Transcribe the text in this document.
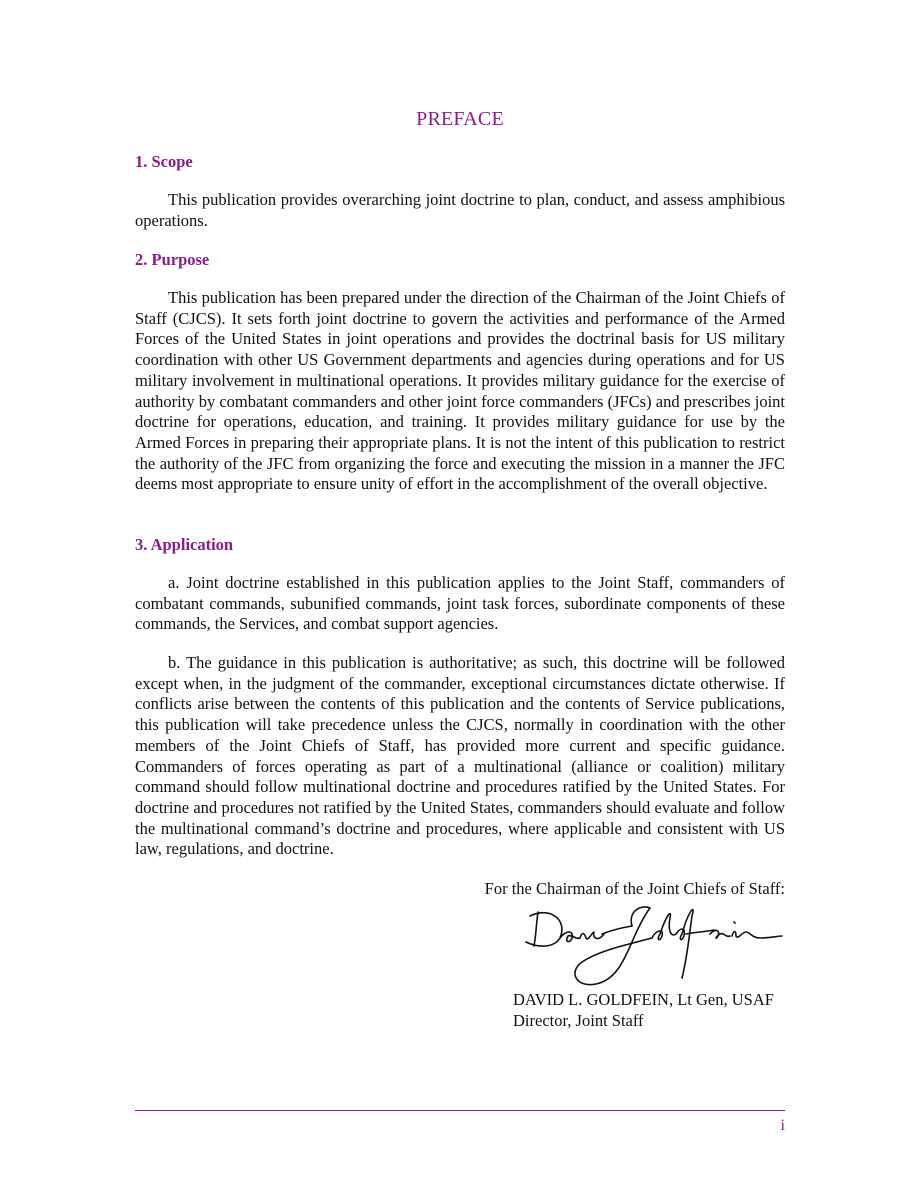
PREFACE
1. Scope
This publication provides overarching joint doctrine to plan, conduct, and assess amphibious operations.
2. Purpose
This publication has been prepared under the direction of the Chairman of the Joint Chiefs of Staff (CJCS). It sets forth joint doctrine to govern the activities and performance of the Armed Forces of the United States in joint operations and provides the doctrinal basis for US military coordination with other US Government departments and agencies during operations and for US military involvement in multinational operations. It provides military guidance for the exercise of authority by combatant commanders and other joint force commanders (JFCs) and prescribes joint doctrine for operations, education, and training. It provides military guidance for use by the Armed Forces in preparing their appropriate plans. It is not the intent of this publication to restrict the authority of the JFC from organizing the force and executing the mission in a manner the JFC deems most appropriate to ensure unity of effort in the accomplishment of the overall objective.
3. Application
a. Joint doctrine established in this publication applies to the Joint Staff, commanders of combatant commands, subunified commands, joint task forces, subordinate components of these commands, the Services, and combat support agencies.
b. The guidance in this publication is authoritative; as such, this doctrine will be followed except when, in the judgment of the commander, exceptional circumstances dictate otherwise. If conflicts arise between the contents of this publication and the contents of Service publications, this publication will take precedence unless the CJCS, normally in coordination with the other members of the Joint Chiefs of Staff, has provided more current and specific guidance. Commanders of forces operating as part of a multinational (alliance or coalition) military command should follow multinational doctrine and procedures ratified by the United States. For doctrine and procedures not ratified by the United States, commanders should evaluate and follow the multinational command’s doctrine and procedures, where applicable and consistent with US law, regulations, and doctrine.
For the Chairman of the Joint Chiefs of Staff:
DAVID L. GOLDFEIN, Lt Gen, USAF
Director, Joint Staff
i
